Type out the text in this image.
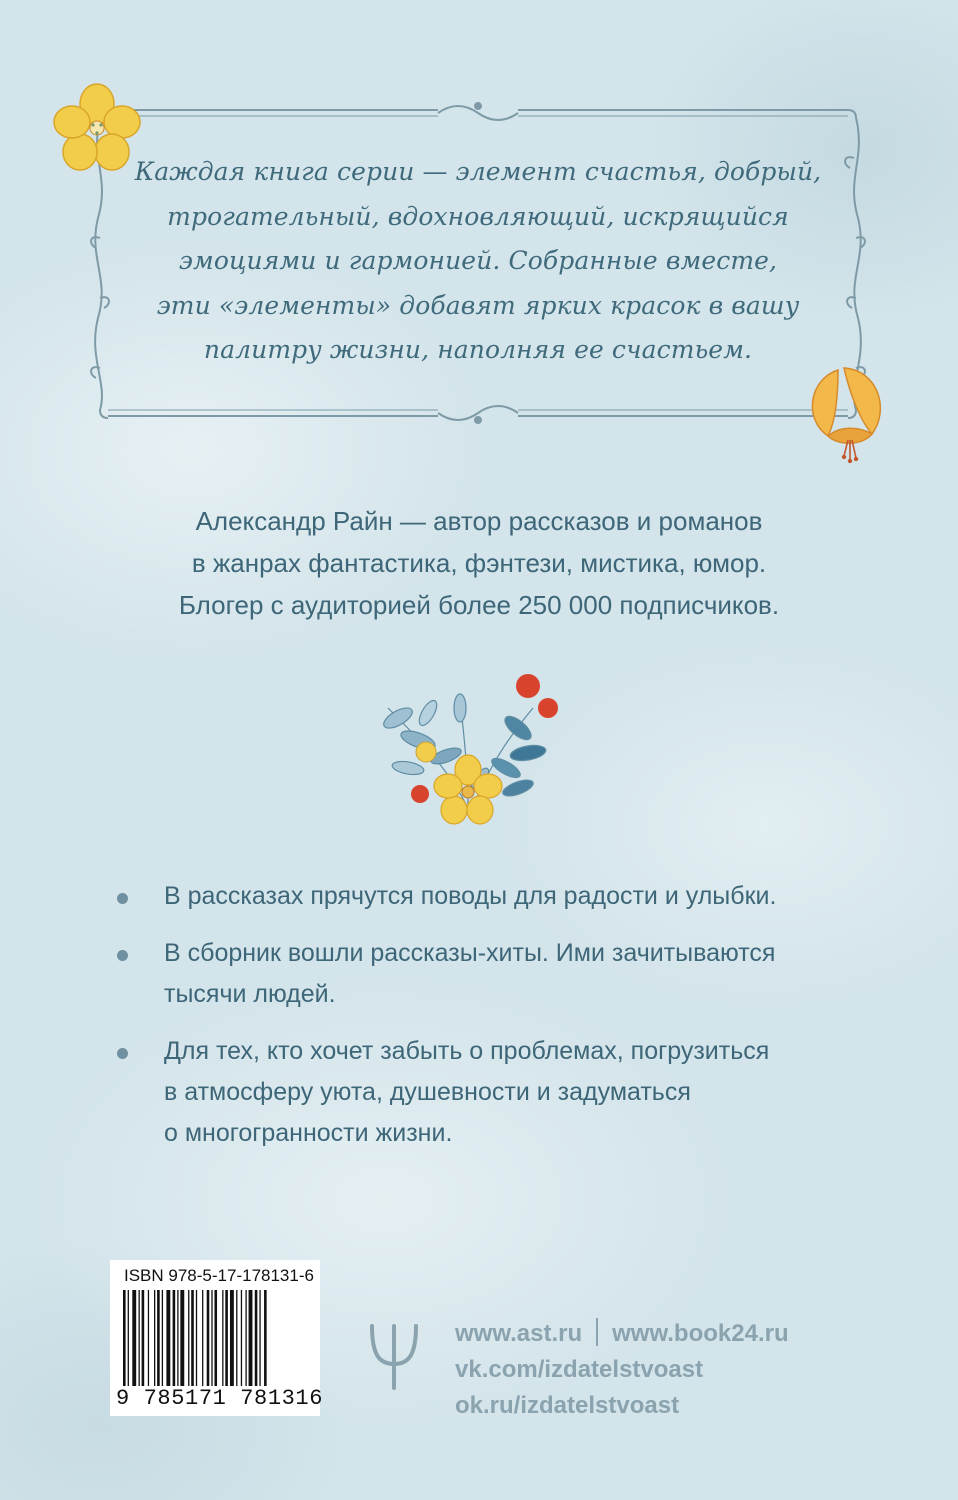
Каждая книга серии — элемент счастья, добрый,
трогательный, вдохновляющий, искрящийся
эмоциями и гармонией. Собранные вместе,
эти «элементы» добавят ярких красок в вашу
палитру жизни, наполняя ее счастьем.
Александр Райн — автор рассказов и романов
в жанрах фантастика, фэнтези, мистика, юмор.
Блогер с аудиторией более 250 000 подписчиков.
В рассказах прячутся поводы для радости и улыбки.
В сборник вошли рассказы-хиты. Ими зачитываются
тысячи людей.
Для тех, кто хочет забыть о проблемах, погрузиться
в атмосферу уюта, душевности и задуматься
о многогранности жизни.
ISBN 978-5-17-178131-6
9 785171 781316
www.ast.ru www.book24.ru
vk.com/izdatelstvoast
ok.ru/izdatelstvoast
